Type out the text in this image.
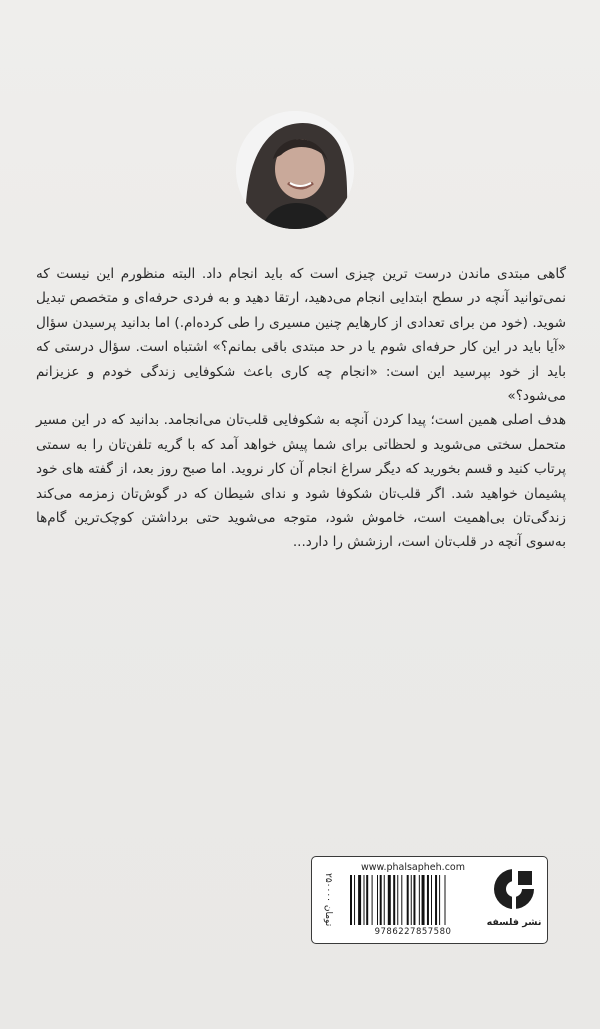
گاهی مبتدی ماندن درست ترین چیزی است که باید انجام داد. البته منظورم این نیست که نمی‌توانید آنچه در سطح ابتدایی انجام می‌دهید، ارتقا دهید و به فردی حرفه‌ای و متخصص تبدیل شوید. (خود من برای تعدادی از کارهایم چنین مسیری را طی کرده‌ام.) اما بدانید پرسیدن سؤال «آیا باید در این کار حرفه‌ای شوم یا در حد مبتدی باقی بمانم؟» اشتباه است. سؤال درستی که باید از خود بپرسید این است: «انجام چه کاری باعث شکوفایی زندگی خودم و عزیزانم می‌شود؟»

هدف اصلی همین است؛ پیدا کردن آنچه به شکوفایی قلب‌تان می‌انجامد. بدانید که در این مسیر متحمل سختی می‌شوید و لحظاتی برای شما پیش خواهد آمد که با گریه تلفن‌تان را به سمتی پرتاب کنید و قسم بخورید که دیگر سراغ انجام آن کار نروید. اما صبح روز بعد، از گفته های خود پشیمان خواهید شد. اگر قلب‌تان شکوفا شود و ندای شیطان که در گوش‌تان زمزمه می‌کند زندگی‌تان بی‌اهمیت است، خاموش شود، متوجه می‌شوید حتی برداشتن کوچک‌ترین گام‌ها به‌سوی آنچه در قلب‌تان است، ارزشش را دارد...

۲۵۰۰۰۰ تومان
www.phalsapheh.com
9786227857580
نشر فلسفه
